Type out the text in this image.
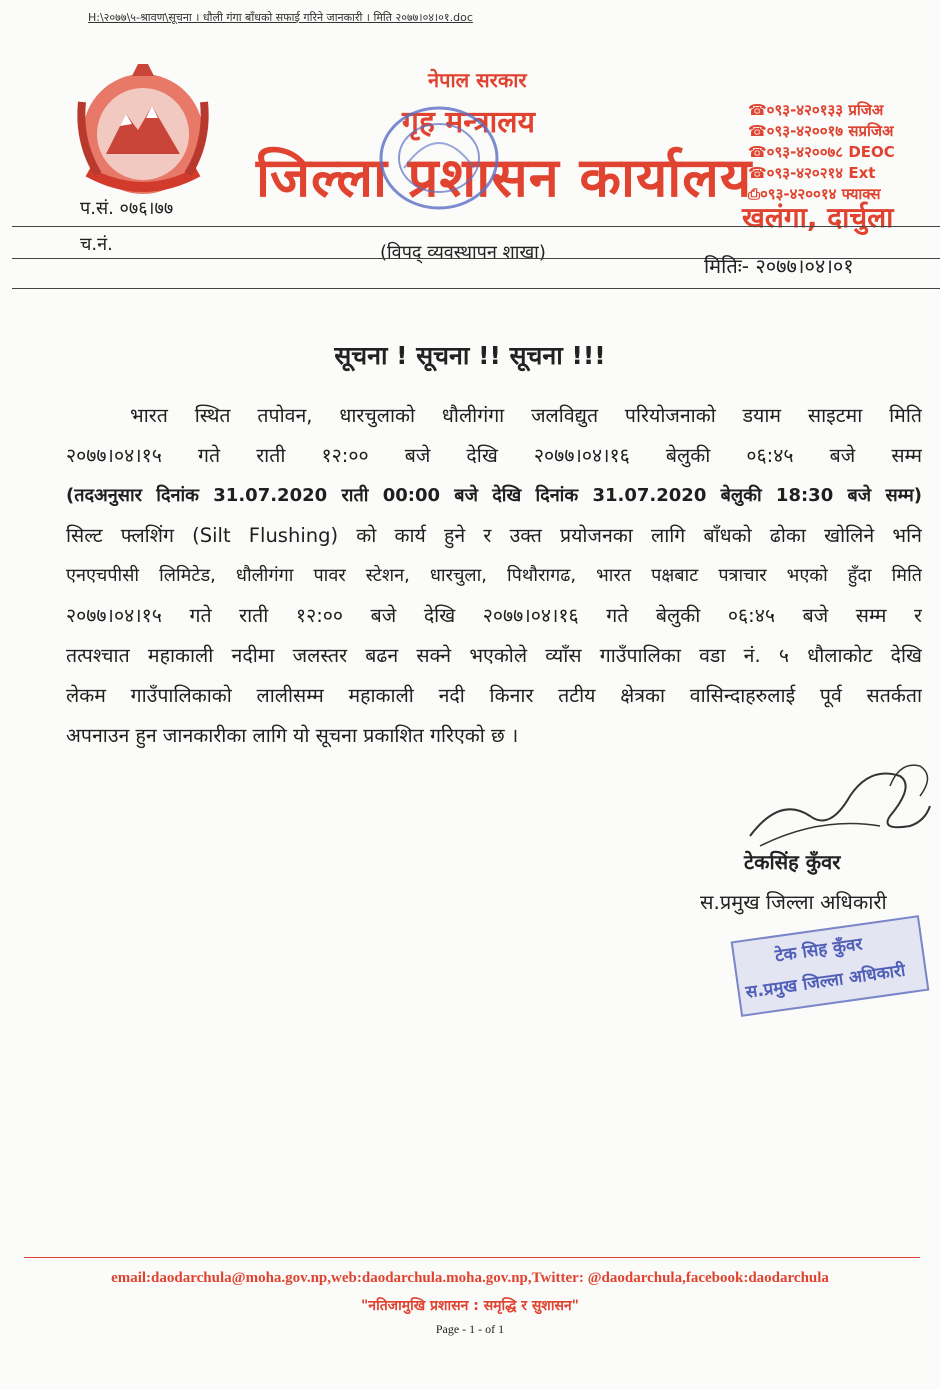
H:\२०७७\५-श्रावण\सूचना । धौली गंगा बाँधको सफाई गरिने जानकारी । मिति २०७७।०४।०१.doc
नेपाल सरकार
गृह मन्त्रालय
जिल्ला प्रशासन कार्यालय
☎०९३-४२०१३३ प्रजिअ
☎०९३-४२००१७ सप्रजिअ
☎०९३-४२००७८ DEOC
☎०९३-४२०२१४ Ext
⎙०९३-४२००१४ फ्याक्स
खलंगा, दार्चुला
प.सं. ०७६।७७
च.नं.	(विपद् व्यवस्थापन शाखा)
मितिः- २०७७।०४।०१
सूचना ! सूचना !! सूचना !!!
भारत स्थित तपोवन, धारचुलाको धौलीगंगा जलविद्युत परियोजनाको डयाम साइटमा मिति
२०७७।०४।१५ गते राती १२:०० बजे देखि २०७७।०४।१६ बेलुकी ०६:४५ बजे सम्म
(तदअनुसार दिनांक 31.07.2020 राती 00:00 बजे देखि दिनांक 31.07.2020 बेलुकी 18:30 बजे सम्म)
सिल्ट फ्लशिंग (Silt Flushing) को कार्य हुने र उक्त प्रयोजनका लागि बाँधको ढोका खोलिने भनि
एनएचपीसी लिमिटेड, धौलीगंगा पावर स्टेशन, धारचुला, पिथौरागढ, भारत पक्षबाट पत्राचार भएको हुँदा मिति
२०७७।०४।१५ गते राती १२:०० बजे देखि २०७७।०४।१६ गते बेलुकी ०६:४५ बजे सम्म र
तत्पश्चात महाकाली नदीमा जलस्तर बढन सक्ने भएकोले व्याँस गाउँपालिका वडा नं. ५ धौलाकोट देखि
लेकम गाउँपालिकाको लालीसम्म महाकाली नदी किनार तटीय क्षेत्रका वासिन्दाहरुलाई पूर्व सतर्कता
अपनाउन हुन जानकारीका लागि यो सूचना प्रकाशित गरिएको छ ।
टेकसिंह कुँवर
स.प्रमुख जिल्ला अधिकारी
टेक सिह कुँवर
स.प्रमुख जिल्ला अधिकारी
email:daodarchula@moha.gov.np,web:daodarchula.moha.gov.np,Twitter: @daodarchula,facebook:daodarchula
"नतिजामुखि प्रशासन : समृद्धि र सुशासन"
Page - 1 - of 1
